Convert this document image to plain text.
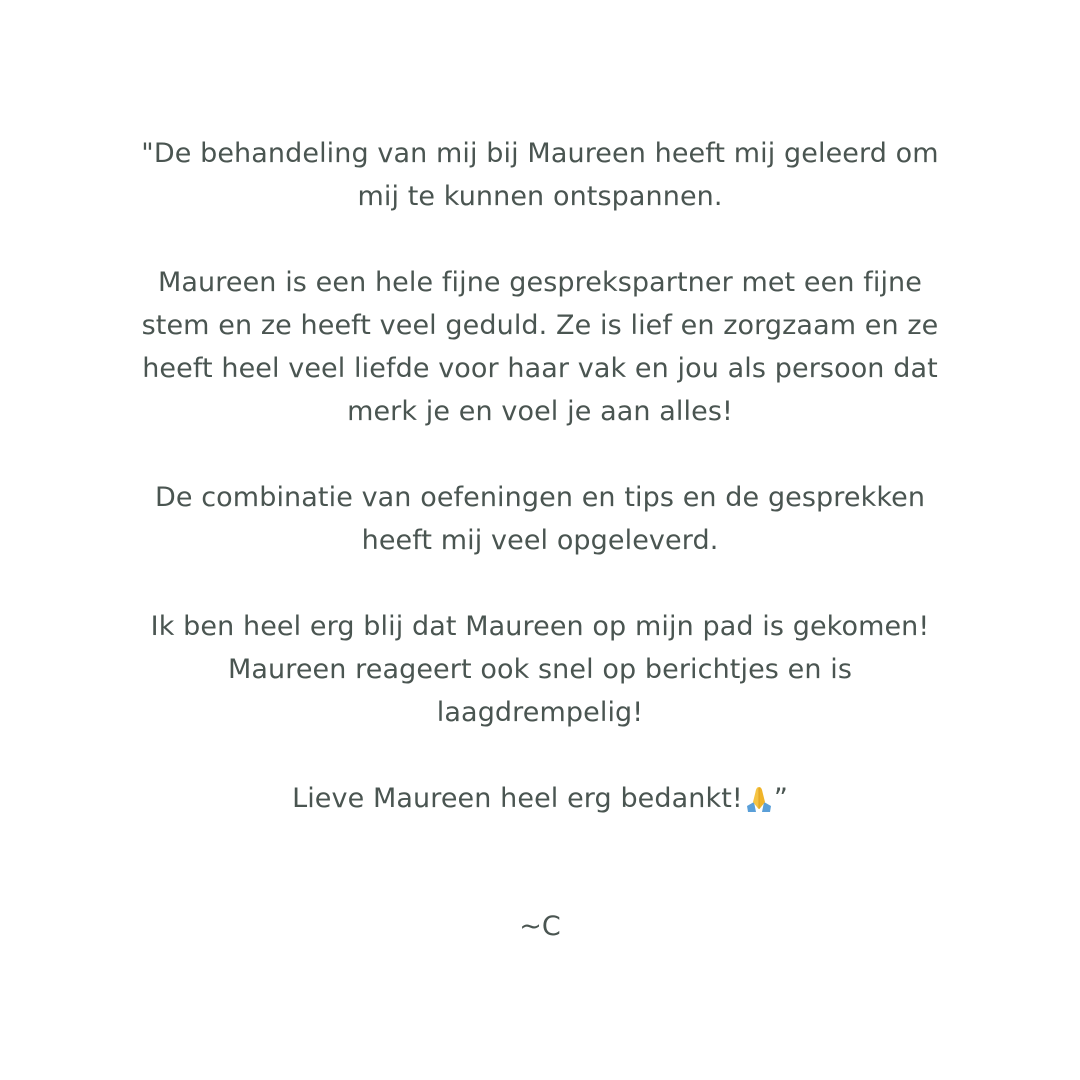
"De behandeling van mij bij Maureen heeft mij geleerd om
mij te kunnen ontspannen.
Maureen is een hele fijne gesprekspartner met een fijne
stem en ze heeft veel geduld. Ze is lief en zorgzaam en ze
heeft heel veel liefde voor haar vak en jou als persoon dat
merk je en voel je aan alles!
De combinatie van oefeningen en tips en de gesprekken
heeft mij veel opgeleverd.
Ik ben heel erg blij dat Maureen op mijn pad is gekomen!
Maureen reageert ook snel op berichtjes en is
laagdrempelig!
Lieve Maureen heel erg bedankt! ”
~C
